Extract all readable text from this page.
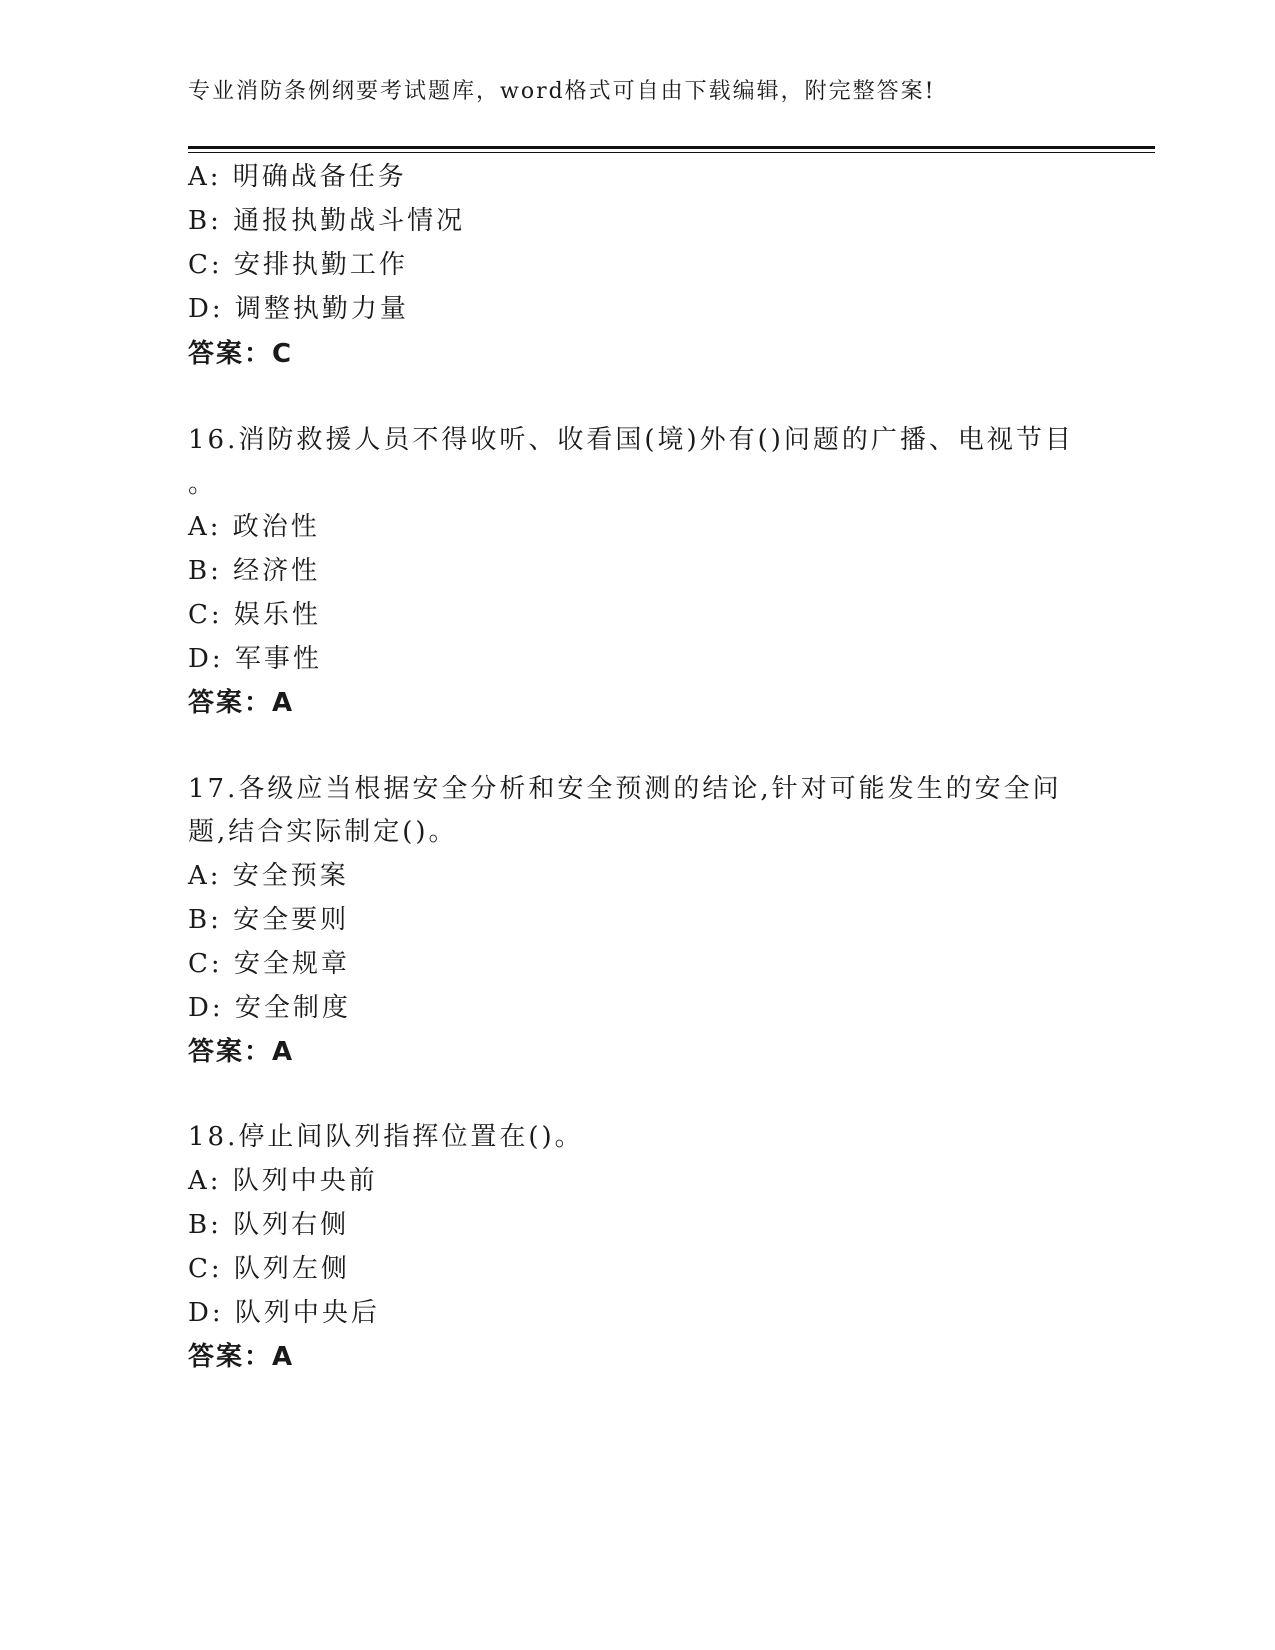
专业消防条例纲要考试题库，word格式可自由下载编辑，附完整答案!
A: 明确战备任务
B: 通报执勤战斗情况
C: 安排执勤工作
D: 调整执勤力量
答案：C
16.消防救援人员不得收听、收看国(境)外有()问题的广播、电视节目
。
A: 政治性
B: 经济性
C: 娱乐性
D: 军事性
答案：A
17.各级应当根据安全分析和安全预测的结论,针对可能发生的安全问
题,结合实际制定()。
A: 安全预案
B: 安全要则
C: 安全规章
D: 安全制度
答案：A
18.停止间队列指挥位置在()。
A: 队列中央前
B: 队列右侧
C: 队列左侧
D: 队列中央后
答案：A
